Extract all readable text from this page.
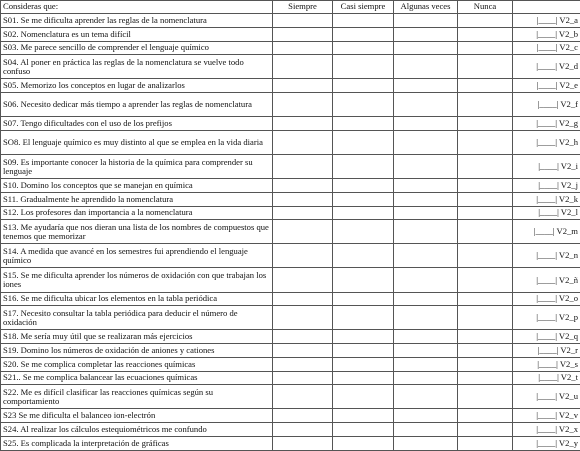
Consideras que:	Siempre	Casi siempre	Algunas veces	Nunca	
S01. Se me dificulta aprender las reglas de la nomenclatura					|____| V2_a
S02. Nomenclatura es un tema difícil					|____| V2_b
S03. Me parece sencillo de comprender el lenguaje químico					|____| V2_c
S04. Al poner en práctica las reglas de la nomenclatura se vuelve todo confuso					|____| V2_d
S05. Memorizo los conceptos en lugar de analizarlos					|____| V2_e
S06. Necesito dedicar más tiempo a aprender las reglas de nomenclatura					|____| V2_f
S07. Tengo dificultades con el uso de los prefijos					|____| V2_g
SO8. El lenguaje químico es muy distinto al que se emplea en la vida diaria					|____| V2_h
S09. Es importante conocer la historia de la química para comprender su lenguaje					|____| V2_i
S10. Domino los conceptos que se manejan en química					|____| V2_j
S11. Gradualmente he aprendido la nomenclatura					|____| V2_k
S12. Los profesores dan importancia a la nomenclatura					|____| V2_l
S13. Me ayudaría que nos dieran una lista de los nombres de compuestos que tenemos que memorizar					|____| V2_m
S14. A medida que avancé en los semestres fui aprendiendo el lenguaje químico					|____| V2_n
S15. Se me dificulta aprender los números de oxidación con que trabajan los iones					|____| V2_ñ
S16. Se me dificulta ubicar los elementos en la tabla periódica					|____| V2_o
S17. Necesito consultar la tabla periódica para deducir el número de oxidación					|____| V2_p
S18. Me sería muy útil que se realizaran más ejercicios					|____| V2_q
S19. Domino los números de oxidación de aniones y cationes					|____| V2_r
S20. Se me complica completar las reacciones químicas					|____| V2_s
S21.. Se me complica balancear las ecuaciones químicas					|____| V2_t
S22. Me es difícil clasificar las reacciones químicas según su comportamiento					|____| V2_u
S23 Se me dificulta el balanceo ion-electrón					|____| V2_v
S24. Al realizar los cálculos estequiométricos me confundo					|____| V2_x
S25. Es complicada la interpretación de gráficas					|____| V2_y
